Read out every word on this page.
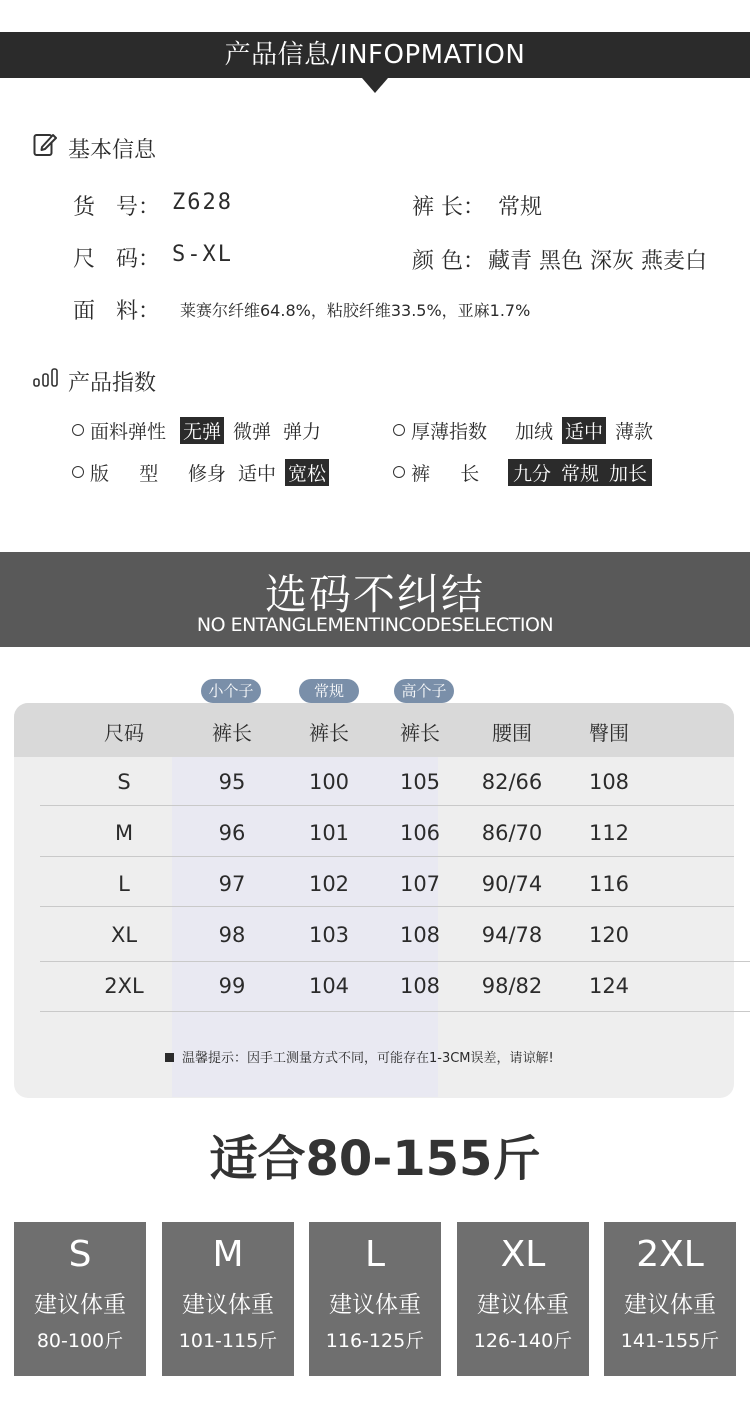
产品信息/INFOPMATION
基本信息
货   号： Z628	裤 长： 常规
尺   码： S-XL	颜 色： 藏青 黑色 深灰 燕麦白
面   料： 莱赛尔纤维64.8%，粘胶纤维33.5%，亚麻1.7%
产品指数
面料弹性 无弹 微弹 弹力	厚薄指数 加绒 适中 薄款
版     型 修身 适中 宽松	裤     长 九分 常规 加长
选码不纠结
NO ENTANGLEMENTINCODESELECTION
小个子	常规	高个子
尺码	裤长	裤长	裤长	腰围	臀围
S	95	100	105	82/66	108
M	96	101	106	86/70	112
L	97	102	107	90/74	116
XL	98	103	108	94/78	120
2XL	99	104	108	98/82	124
温馨提示：因手工测量方式不同，可能存在1-3CM误差，请谅解!
适合80-155斤
S
建议体重
80-100斤
M
建议体重
101-115斤
L
建议体重
116-125斤
XL
建议体重
126-140斤
2XL
建议体重
141-155斤
